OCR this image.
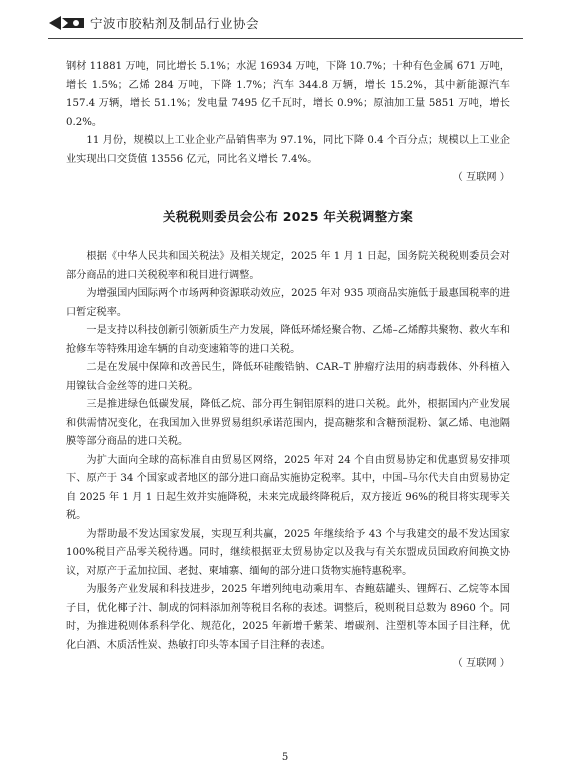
宁波市胶粘剂及制品行业协会

钢材 11881 万吨，同比增长 5.1%；水泥 16934 万吨，下降 10.7%；十种有色金属 671 万吨，增长 1.5%；乙烯 284 万吨，下降 1.7%；汽车 344.8 万辆，增长 15.2%，其中新能源汽车 157.4 万辆，增长 51.1%；发电量 7495 亿千瓦时，增长 0.9%；原油加工量 5851 万吨，增长 0.2%。

11 月份，规模以上工业企业产品销售率为 97.1%，同比下降 0.4 个百分点；规模以上工业企业实现出口交货值 13556 亿元，同比名义增长 7.4%。

（ 互联网 ）

关税税则委员会公布 2025 年关税调整方案

根据《中华人民共和国关税法》及相关规定，2025 年 1 月 1 日起，国务院关税税则委员会对部分商品的进口关税税率和税目进行调整。

为增强国内国际两个市场两种资源联动效应，2025 年对 935 项商品实施低于最惠国税率的进口暂定税率。

一是支持以科技创新引领新质生产力发展，降低环烯烃聚合物、乙烯–乙烯醇共聚物、救火车和抢修车等特殊用途车辆的自动变速箱等的进口关税。

二是在发展中保障和改善民生，降低环硅酸锆钠、CAR–T 肿瘤疗法用的病毒载体、外科植入用镍钛合金丝等的进口关税。

三是推进绿色低碳发展，降低乙烷、部分再生铜铝原料的进口关税。此外，根据国内产业发展和供需情况变化，在我国加入世界贸易组织承诺范围内，提高糖浆和含糖预混粉、氯乙烯、电池隔膜等部分商品的进口关税。

为扩大面向全球的高标准自由贸易区网络，2025 年对 24 个自由贸易协定和优惠贸易安排项下、原产于 34 个国家或者地区的部分进口商品实施协定税率。其中，中国–马尔代夫自由贸易协定自 2025 年 1 月 1 日起生效并实施降税，未来完成最终降税后，双方接近 96%的税目将实现零关税。

为帮助最不发达国家发展，实现互利共赢，2025 年继续给予 43 个与我建交的最不发达国家 100%税目产品零关税待遇。同时，继续根据亚太贸易协定以及我与有关东盟成员国政府间换文协议，对原产于孟加拉国、老挝、柬埔寨、缅甸的部分进口货物实施特惠税率。

为服务产业发展和科技进步，2025 年增列纯电动乘用车、杏鲍菇罐头、锂辉石、乙烷等本国子目，优化椰子汁、制成的饲料添加剂等税目名称的表述。调整后，税则税目总数为 8960 个。同时，为推进税则体系科学化、规范化，2025 年新增千紫茉、增碳剂、注塑机等本国子目注释，优化白酒、木质活性炭、热敏打印头等本国子目注释的表述。

（ 互联网 ）

5
